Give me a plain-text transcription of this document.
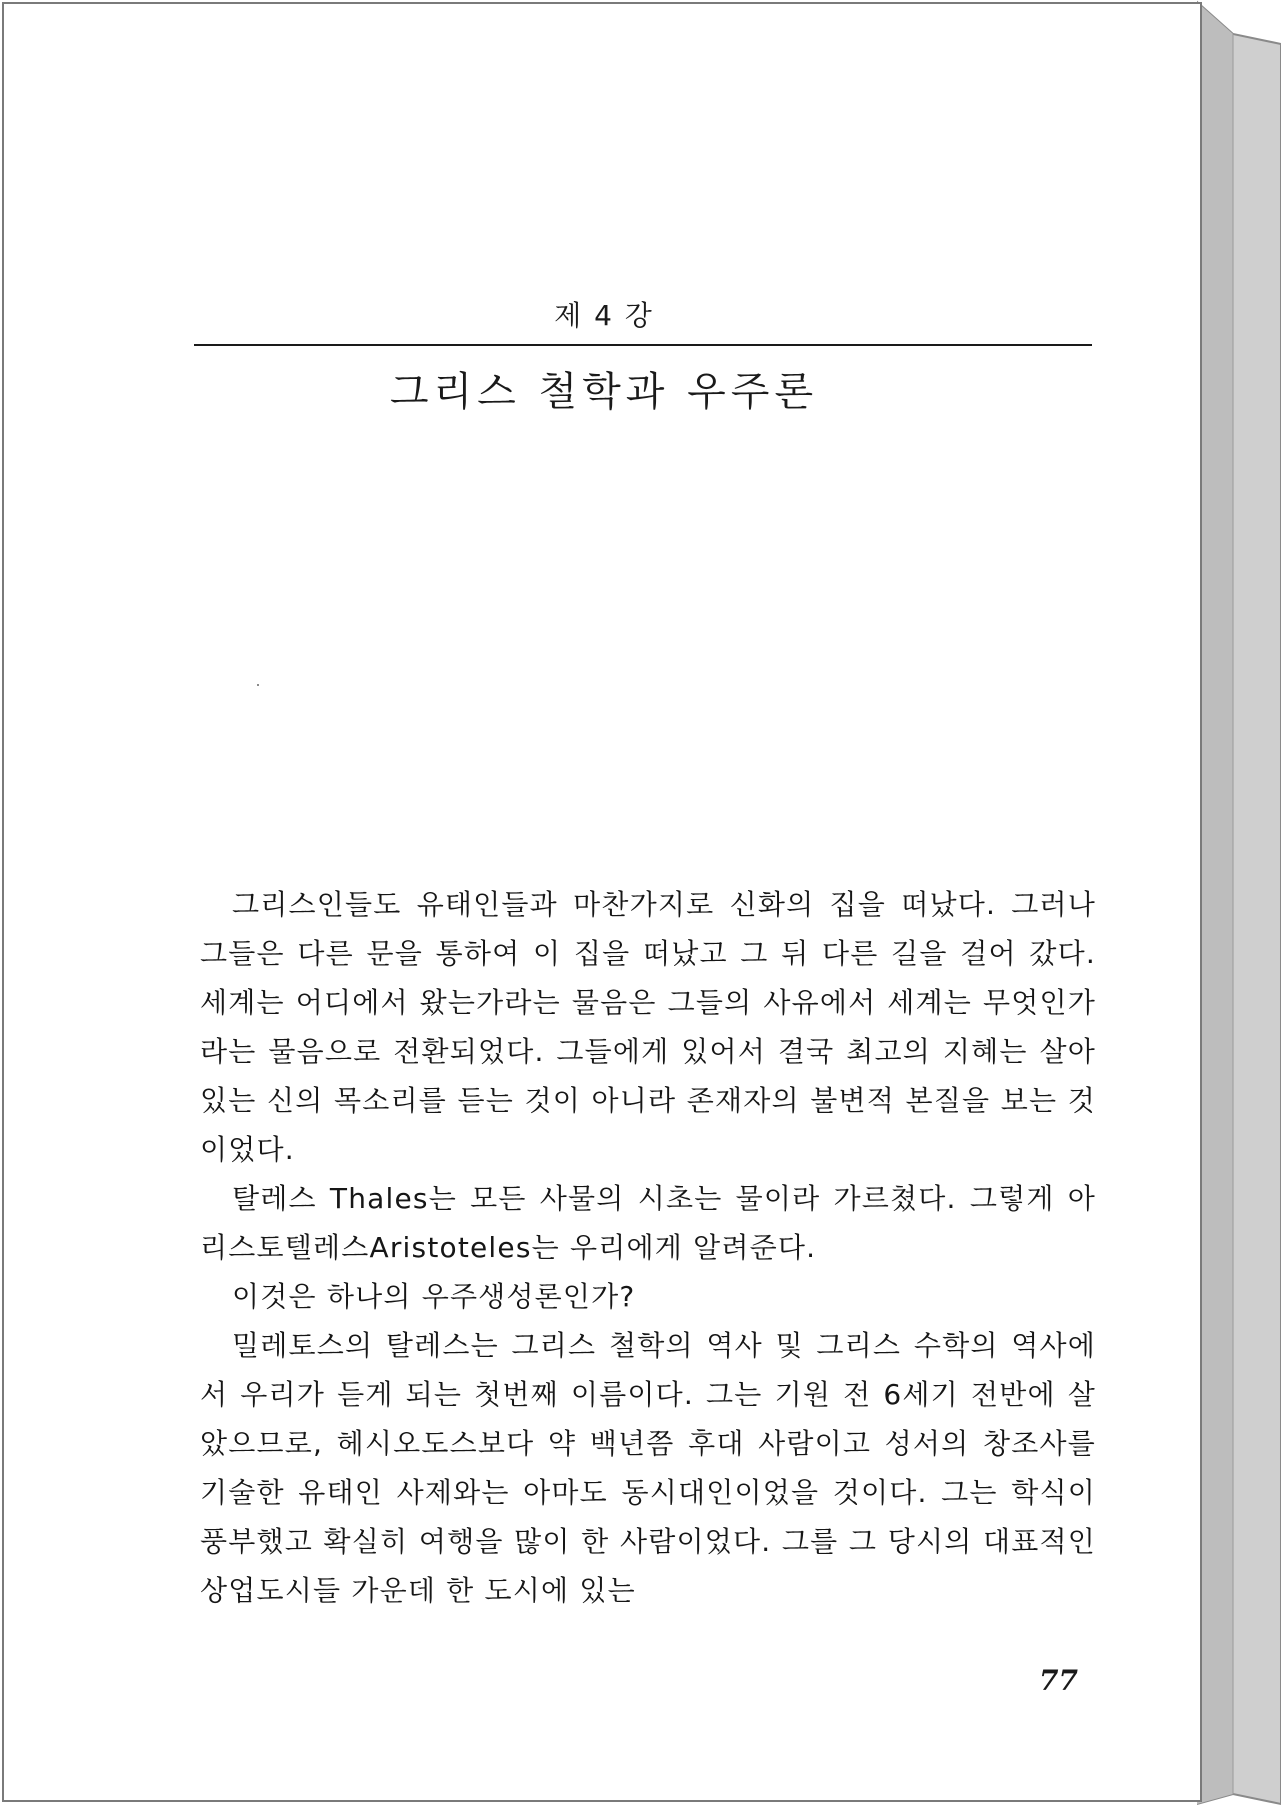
제 4 강
그리스 철학과 우주론

그리스인들도 유태인들과 마찬가지로 신화의 집을 떠났다. 그러나 그들은 다른 문을 통하여 이 집을 떠났고 그 뒤 다른 길을 걸어 갔다. 세계는 어디에서 왔는가라는 물음은 그들의 사유에서 세계는 무엇인가라는 물음으로 전환되었다. 그들에게 있어서 결국 최고의 지혜는 살아 있는 신의 목소리를 듣는 것이 아니라 존재자의 불변적 본질을 보는 것이었다.

탈레스 Thales는 모든 사물의 시초는 물이라 가르쳤다. 그렇게 아리스토텔레스Aristoteles는 우리에게 알려준다.

이것은 하나의 우주생성론인가?

밀레토스의 탈레스는 그리스 철학의 역사 및 그리스 수학의 역사에서 우리가 듣게 되는 첫번째 이름이다. 그는 기원 전 6세기 전반에 살았으므로, 헤시오도스보다 약 백년쯤 후대 사람이고 성서의 창조사를 기술한 유태인 사제와는 아마도 동시대인이었을 것이다. 그는 학식이 풍부했고 확실히 여행을 많이 한 사람이었다. 그를 그 당시의 대표적인 상업도시들 가운데 한 도시에 있는

77
